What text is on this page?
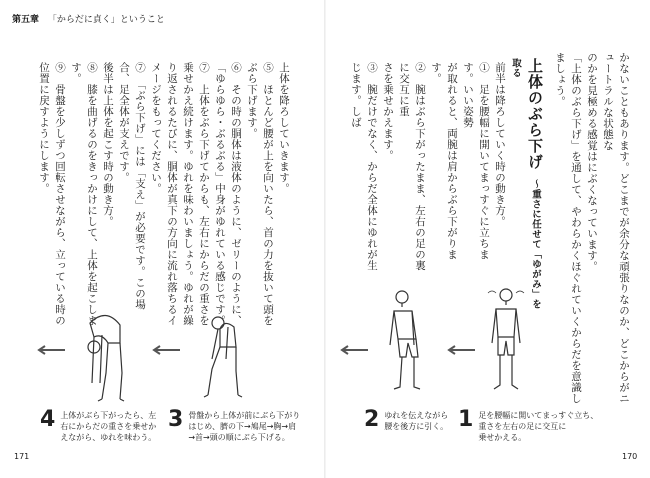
第五章 「からだに貞く」ということ
かないこともあります。どこまでが余分な頑張りなのか、どこからがニュートラルな状態な
のかを見極める感覚はにぶくなっています。
「上体のぶら下げ」を通して、やわらかくほぐれていくからだを意識しましょう。
上体のぶら下げ 〜重さに任せて「ゆがみ」を取る
前半は降ろしていく時の動き方。
①　足を腰幅に開いてまっすぐに立ちます。いい姿勢
が取れると、両腕は肩からぶら下がります。
②　腕はぶら下がったまま、左右の足の裏に交互に重
さを乗せかえます。
③　腕だけでなく、からだ全体にゆれが生じます。しば
上体を降ろしていきます。
⑤　ほとんど腰が上を向いたら、首の力を抜いて頭を
ぶら下げます。
⑥　その時の胴体は液体のように、ゼリーのように、「ゆらゆら・ぶるぶる」中身がゆれている感じです。
⑦　上体をぶら下げてからも、左右にからだの重さを乗せかえ続けます。ゆれを味わいましょう。ゆれが繰り返されるたびに、胴体が真下の方向に流れ落ちるイメージをもってください。
⑦　「ぶら下げ」には「支え」が必要です。この場合、足全体が支えです。
後半は上体を起こす時の動き方。
⑧　膝を曲げるのをきっかけにして、上体を起こします。
⑨　骨盤を少しずつ回転させながら、立っている時の位置に戻すようにします。
1 足を腰幅に開いてまっすぐ立ち、
重さを左右の足に交互に
乗せかえる。
2 ゆれを伝えながら
腰を後方に引く。
3 骨盤から上体が前にぶら下がり
はじめ、臍の下→鳩尾→胸→肩
→首→頭の順にぶら下げる。
4 上体がぶら下がったら、左
右にからだの重さを乗せか
えながら、ゆれを味わう。
171	170
